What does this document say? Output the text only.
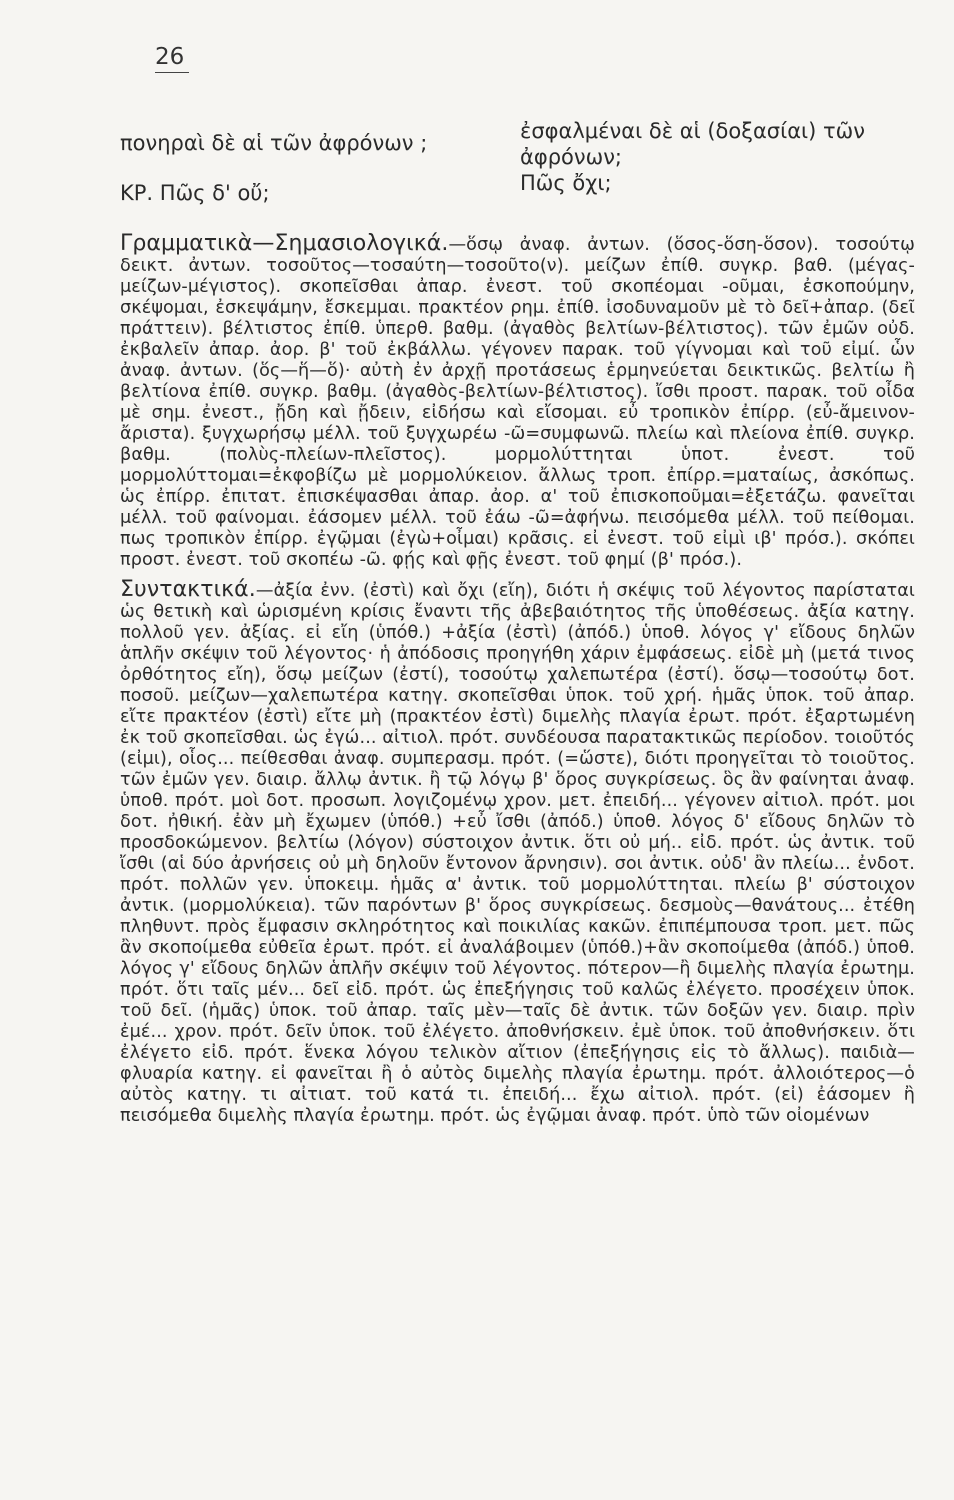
26
πονηραὶ δὲ αἱ τῶν ἀφρόνων ;
ΚΡ. Πῶς δ' οὔ;
ἐσφαλμέναι δὲ αἱ (δοξασίαι) τῶν
ἀφρόνων;
Πῶς ὄχι;

Γραμματικὰ—Σημασιολογικά.—ὅσῳ ἀναφ. ἀντων. (ὅσος-ὅση-ὅσον). τοσούτῳ δεικτ. ἀντων. τοσοῦτος—τοσαύτη—τοσοῦτο(ν). μείζων ἐπίθ. συγκρ. βαθ. (μέγας-μείζων-μέγιστος). σκοπεῖσθαι ἀπαρ. ἐνεστ. τοῦ σκοπέομαι -οῦμαι, ἐσκοπούμην, σκέψομαι, ἐσκεψάμην, ἔσκεμμαι. πρακτέον ρημ. ἐπίθ. ἰσοδυναμοῦν μὲ τὸ δεῖ+ἀπαρ. (δεῖ πράττειν). βέλτιστος ἐπίθ. ὑπερθ. βαθμ. (ἀγαθὸς βελτίων-βέλτιστος). τῶν ἐμῶν οὐδ. ἐκβαλεῖν ἀπαρ. ἀορ. β' τοῦ ἐκβάλλω. γέγονεν παρακ. τοῦ γίγνομαι καὶ τοῦ εἰμί. ὧν ἀναφ. ἀντων. (ὅς—ἥ—ὅ)· αὐτὴ ἐν ἀρχῇ προτάσεως ἑρμηνεύεται δεικτικῶς. βελτίω ἢ βελτίονα ἐπίθ. συγκρ. βαθμ. (ἀγαθὸς-βελτίων-βέλτιστος). ἴσθι προστ. παρακ. τοῦ οἶδα μὲ σημ. ἐνεστ., ᾔδη καὶ ᾔδειν, εἰδήσω καὶ εἴσομαι. εὖ τροπικὸν ἐπίρρ. (εὖ-ἄμεινον-ἄριστα). ξυγχωρήσῳ μέλλ. τοῦ ξυγχωρέω -ῶ=συμφωνῶ. πλείω καὶ πλείονα ἐπίθ. συγκρ. βαθμ. (πολὺς-πλείων-πλεῖστος). μορμολύττηται ὑποτ. ἐνεστ. τοῦ μορμολύττομαι=ἐκφοβίζω μὲ μορμολύκειον. ἄλλως τροπ. ἐπίρρ.=ματαίως, ἀσκόπως. ὡς ἐπίρρ. ἐπιτατ. ἐπισκέψασθαι ἀπαρ. ἀορ. α' τοῦ ἐπισκοποῦμαι=ἐξετάζω. φανεῖται μέλλ. τοῦ φαίνομαι. ἐάσομεν μέλλ. τοῦ ἐάω -ῶ=ἀφήνω. πεισόμεθα μέλλ. τοῦ πείθομαι. πως τροπικὸν ἐπίρρ. ἐγῷμαι (ἐγὼ+οἶμαι) κρᾶσις. εἰ ἐνεστ. τοῦ εἰμὶ ιβ' πρόσ.). σκόπει προστ. ἐνεστ. τοῦ σκοπέω -ῶ. φῄς καὶ φῇς ἐνεστ. τοῦ φημί (β' πρόσ.).

Συντακτικά.—ἀξία ἐνν. (ἐστὶ) καὶ ὄχι (εἴη), διότι ἡ σκέψις τοῦ λέγοντος παρίσταται ὡς θετικὴ καὶ ὡρισμένη κρίσις ἔναντι τῆς ἀβεβαιότητος τῆς ὑποθέσεως. ἀξία κατηγ. πολλοῦ γεν. ἀξίας. εἰ εἴη (ὑπόθ.) +ἀξία (ἐστὶ) (ἀπόδ.) ὑποθ. λόγος γ' εἴδους δηλῶν ἁπλῆν σκέψιν τοῦ λέγοντος· ἡ ἀπόδοσις προηγήθη χάριν ἐμφάσεως. εἰδὲ μὴ (μετά τινος ὀρθότητος εἴη), ὅσῳ μείζων (ἐστί), τοσούτῳ χαλεπωτέρα (ἐστί). ὅσῳ—τοσούτῳ δοτ. ποσοῦ. μείζων—χαλεπωτέρα κατηγ. σκοπεῖσθαι ὑποκ. τοῦ χρή. ἡμᾶς ὑποκ. τοῦ ἀπαρ. εἴτε πρακτέον (ἐστὶ) εἴτε μὴ (πρακτέον ἐστὶ) διμελὴς πλαγία ἐρωτ. πρότ. ἐξαρτωμένη ἐκ τοῦ σκοπεῖσθαι. ὡς ἐγώ... αἰτιολ. πρότ. συνδέουσα παρατακτικῶς περίοδον. τοιοῦτός (εἰμι), οἷος... πείθεσθαι ἀναφ. συμπερασμ. πρότ. (=ὥστε), διότι προηγεῖται τὸ τοιοῦτος. τῶν ἐμῶν γεν. διαιρ. ἄλλῳ ἀντικ. ἢ τῷ λόγῳ β' ὅρος συγκρίσεως. ὃς ἂν φαίνηται ἀναφ. ὑποθ. πρότ. μοὶ δοτ. προσωπ. λογιζομένῳ χρον. μετ. ἐπειδή... γέγονεν αἰτιολ. πρότ. μοι δοτ. ἠθική. ἐὰν μὴ ἔχωμεν (ὑπόθ.) +εὖ ἴσθι (ἀπόδ.) ὑποθ. λόγος δ' εἴδους δηλῶν τὸ προσδοκώμενον. βελτίω (λόγον) σύστοιχον ἀντικ. ὅτι οὐ μή.. εἰδ. πρότ. ὡς ἀντικ. τοῦ ἴσθι (αἱ δύο ἀρνήσεις οὐ μὴ δηλοῦν ἔντονον ἄρνησιν). σοι ἀντικ. οὐδ' ἂν πλείω... ἐνδοτ. πρότ. πολλῶν γεν. ὑποκειμ. ἡμᾶς α' ἀντικ. τοῦ μορμολύττηται. πλείω β' σύστοιχον ἀντικ. (μορμολύκεια). τῶν παρόντων β' ὅρος συγκρίσεως. δεσμοὺς—θανάτους... ἐτέθη πληθυντ. πρὸς ἔμφασιν σκληρότητος καὶ ποικιλίας κακῶν. ἐπιπέμπουσα τροπ. μετ. πῶς ἂν σκοποίμεθα εὐθεῖα ἐρωτ. πρότ. εἰ ἀναλάβοιμεν (ὑπόθ.)+ἂν σκοποίμεθα (ἀπόδ.) ὑποθ. λόγος γ' εἴδους δηλῶν ἁπλῆν σκέψιν τοῦ λέγοντος. πότερον—ἢ διμελὴς πλαγία ἐρωτημ. πρότ. ὅτι ταῖς μέν... δεῖ εἰδ. πρότ. ὡς ἐπεξήγησις τοῦ καλῶς ἐλέγετο. προσέχειν ὑποκ. τοῦ δεῖ. (ἡμᾶς) ὑποκ. τοῦ ἀπαρ. ταῖς μὲν—ταῖς δὲ ἀντικ. τῶν δοξῶν γεν. διαιρ. πρὶν ἐμέ... χρον. πρότ. δεῖν ὑποκ. τοῦ ἐλέγετο. ἀποθνήσκειν. ἐμὲ ὑποκ. τοῦ ἀποθνήσκειν. ὅτι ἐλέγετο εἰδ. πρότ. ἕνεκα λόγου τελικὸν αἴτιον (ἐπεξήγησις εἰς τὸ ἄλλως). παιδιὰ—φλυαρία κατηγ. εἰ φανεῖται ἢ ὁ αὐτὸς διμελὴς πλαγία ἐρωτημ. πρότ. ἀλλοιότερος—ὁ αὐτὸς κατηγ. τι αἰτιατ. τοῦ κατά τι. ἐπειδή... ἔχω αἰτιολ. πρότ. (εἰ) ἐάσομεν ἢ πεισόμεθα διμελὴς πλαγία ἐρωτημ. πρότ. ὡς ἐγῷμαι ἀναφ. πρότ. ὑπὸ τῶν οἰομένων
